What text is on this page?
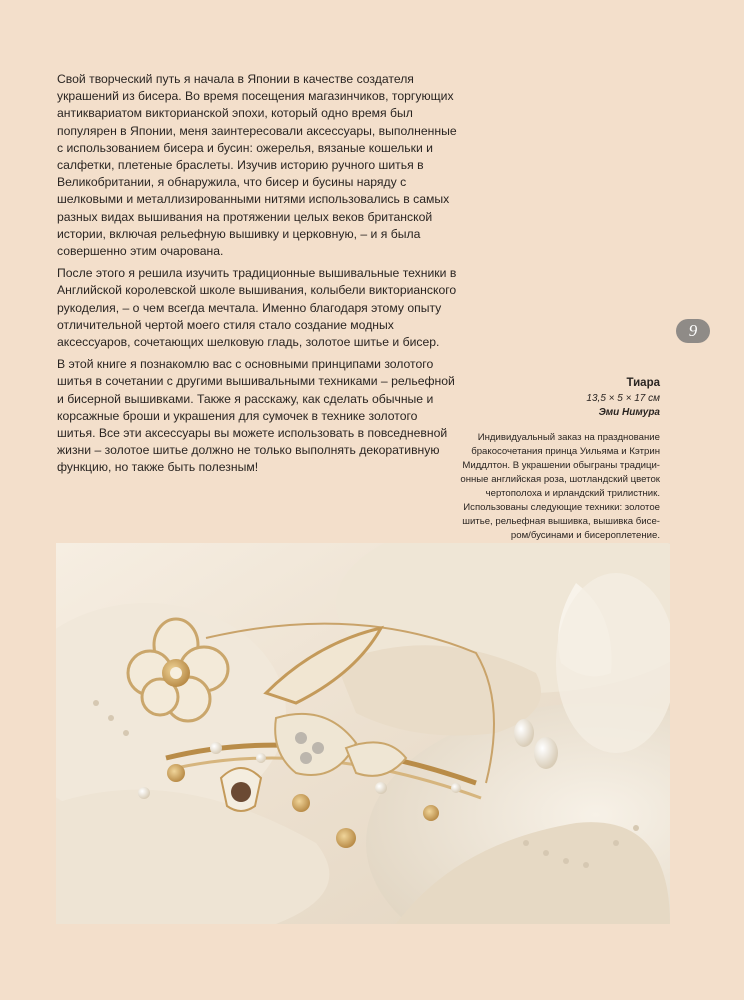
Свой творческий путь я начала в Японии в качестве создателя украшений из бисера. Во время посещения магазинчиков, торгующих антиквариатом викторианской эпохи, который одно время был популярен в Японии, меня заинтересовали аксессуары, выполненные с использованием бисера и бусин: ожерелья, вязаные кошельки и салфетки, плетеные браслеты. Изучив историю ручного шитья в Великобритании, я обнаружила, что бисер и бусины наряду с шелковыми и металлизированными нитями использовались в самых разных видах вышивания на протяжении целых веков британской истории, включая рельефную вышивку и церковную, – и я была совершенно этим очарована.

После этого я решила изучить традиционные вышивальные техники в Английской королевской школе вышивания, колыбели викторианского рукоделия, – о чем всегда мечтала. Именно благодаря этому опыту отличительной чертой моего стиля стало создание модных аксессуаров, сочетающих шелковую гладь, золотое шитье и бисер.

В этой книге я познакомлю вас с основными принципами золотого шитья в сочетании с другими вышивальными техниками – рельефной и бисерной вышивками. Также я расскажу, как сделать обычные и корсажные броши и украшения для сумочек в технике золотого шитья. Все эти аксессуары вы можете использовать в повседневной жизни – золотое шитье должно не только выполнять декоративную функцию, но также быть полезным!

9
Тиара
13,5 × 5 × 17 см
Эми Нимура
Индивидуальный заказ на празднование
бракосочетания принца Уильяма и Кэтрин
Миддлтон. В украшении обыграны традици-
онные английская роза, шотландский цветок
чертополоха и ирландский трилистник.
Использованы следующие техники: золотое
шитье, рельефная вышивка, вышивка бисе-
ром/бусинами и бисероплетение.
